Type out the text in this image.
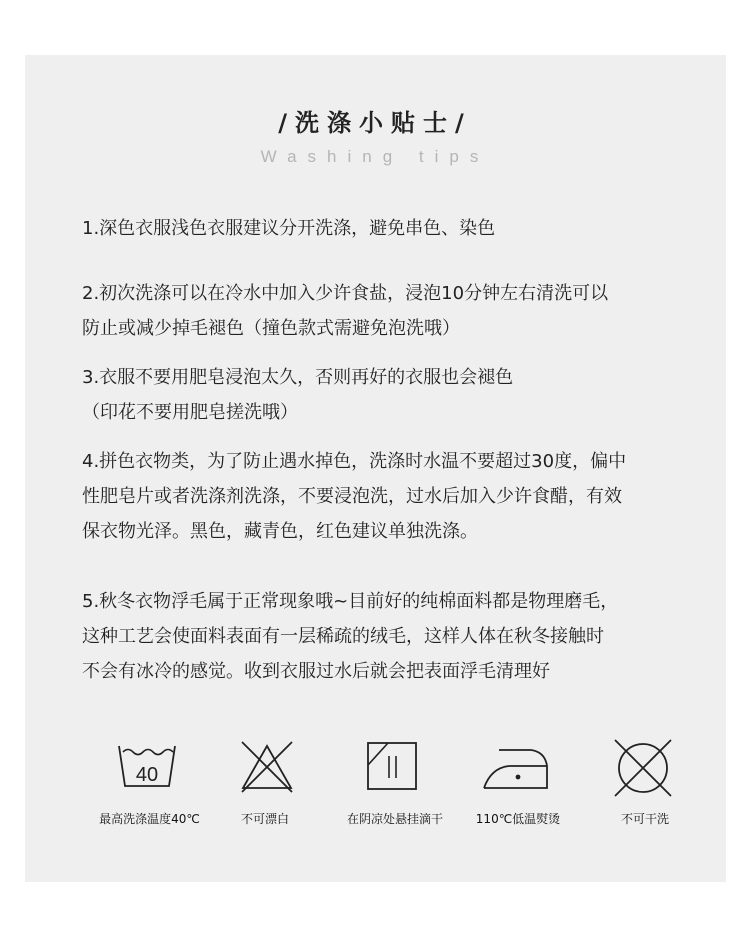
/洗涤小贴士/
Washing tips

1.深色衣服浅色衣服建议分开洗涤，避免串色、染色

2.初次洗涤可以在冷水中加入少许食盐，浸泡10分钟左右清洗可以
防止或减少掉毛褪色（撞色款式需避免泡洗哦）

3.衣服不要用肥皂浸泡太久，否则再好的衣服也会褪色
（印花不要用肥皂搓洗哦）

4.拼色衣物类，为了防止遇水掉色，洗涤时水温不要超过30度，偏中
性肥皂片或者洗涤剂洗涤，不要浸泡洗，过水后加入少许食醋，有效
保衣物光泽。黑色，藏青色，红色建议单独洗涤。

5.秋冬衣物浮毛属于正常现象哦~目前好的纯棉面料都是物理磨毛，
这种工艺会使面料表面有一层稀疏的绒毛，这样人体在秋冬接触时
不会有冰冷的感觉。收到衣服过水后就会把表面浮毛清理好

40
最高洗涤温度40℃	不可漂白	在阴凉处悬挂滴干	110℃低温熨烫	不可干洗
